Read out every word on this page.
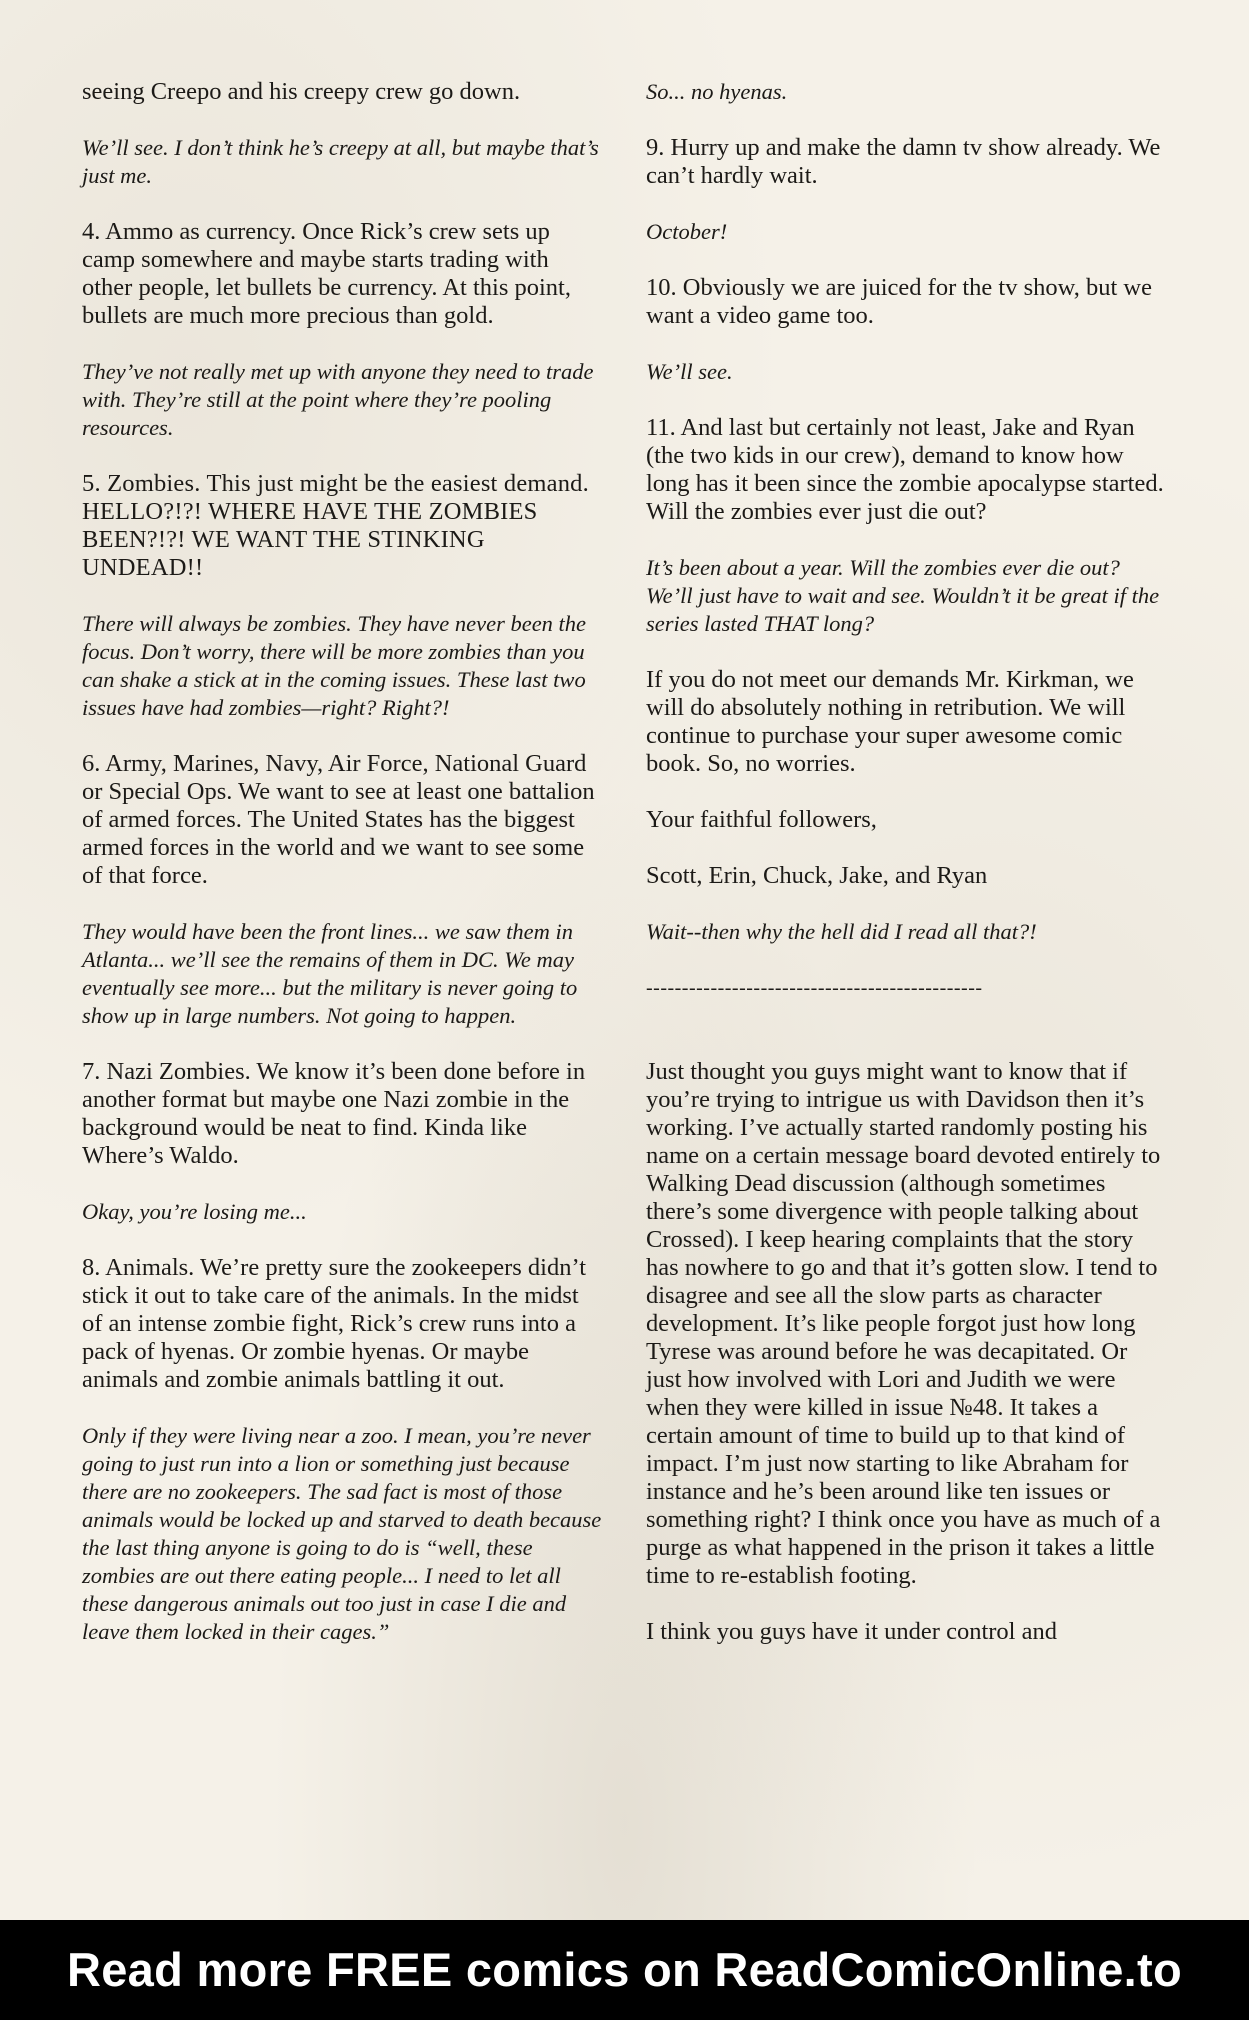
seeing Creepo and his creepy crew go down.

We’ll see. I don’t think he’s creepy at all, but maybe that’s just me.

4. Ammo as currency. Once Rick’s crew sets up camp somewhere and maybe starts trading with other people, let bullets be currency. At this point, bullets are much more precious than gold.

They’ve not really met up with anyone they need to trade with. They’re still at the point where they’re pooling resources.

5. Zombies. This just might be the easiest demand. HELLO?!?! WHERE HAVE THE ZOMBIES BEEN?!?! WE WANT THE STINKING UNDEAD!!

There will always be zombies. They have never been the focus. Don’t worry, there will be more zombies than you can shake a stick at in the coming issues. These last two issues have had zombies—right? Right?!

6. Army, Marines, Navy, Air Force, National Guard or Special Ops. We want to see at least one battalion of armed forces. The United States has the biggest armed forces in the world and we want to see some of that force.

They would have been the front lines... we saw them in Atlanta... we’ll see the remains of them in DC. We may eventually see more... but the military is never going to show up in large numbers. Not going to happen.

7. Nazi Zombies. We know it’s been done before in another format but maybe one Nazi zombie in the background would be neat to find. Kinda like Where’s Waldo.

Okay, you’re losing me...

8. Animals. We’re pretty sure the zookeepers didn’t stick it out to take care of the animals. In the midst of an intense zombie fight, Rick’s crew runs into a pack of hyenas. Or zombie hyenas. Or maybe animals and zombie animals battling it out.

Only if they were living near a zoo. I mean, you’re never going to just run into a lion or something just because there are no zookeepers. The sad fact is most of those animals would be locked up and starved to death because the last thing anyone is going to do is “well, these zombies are out there eating people... I need to let all these dangerous animals out too just in case I die and leave them locked in their cages.”

So... no hyenas.

9. Hurry up and make the damn tv show already. We can’t hardly wait.

October!

10. Obviously we are juiced for the tv show, but we want a video game too.

We’ll see.

11. And last but certainly not least, Jake and Ryan (the two kids in our crew), demand to know how long has it been since the zombie apocalypse started. Will the zombies ever just die out?

It’s been about a year. Will the zombies ever die out? We’ll just have to wait and see. Wouldn’t it be great if the series lasted THAT long?

If you do not meet our demands Mr. Kirkman, we will do absolutely nothing in retribution. We will continue to purchase your super awesome comic book. So, no worries.

Your faithful followers,

Scott, Erin, Chuck, Jake, and Ryan

Wait--then why the hell did I read all that?!

-----------------------------------------------

Just thought you guys might want to know that if you’re trying to intrigue us with Davidson then it’s working. I’ve actually started randomly posting his name on a certain message board devoted entirely to Walking Dead discussion (although sometimes there’s some divergence with people talking about Crossed). I keep hearing complaints that the story has nowhere to go and that it’s gotten slow. I tend to disagree and see all the slow parts as character development. It’s like people forgot just how long Tyrese was around before he was decapitated. Or just how involved with Lori and Judith we were when they were killed in issue №48. It takes a certain amount of time to build up to that kind of impact. I’m just now starting to like Abraham for instance and he’s been around like ten issues or something right? I think once you have as much of a purge as what happened in the prison it takes a little time to re-establish footing.

I think you guys have it under control and

Read more FREE comics on ReadComicOnline.to
